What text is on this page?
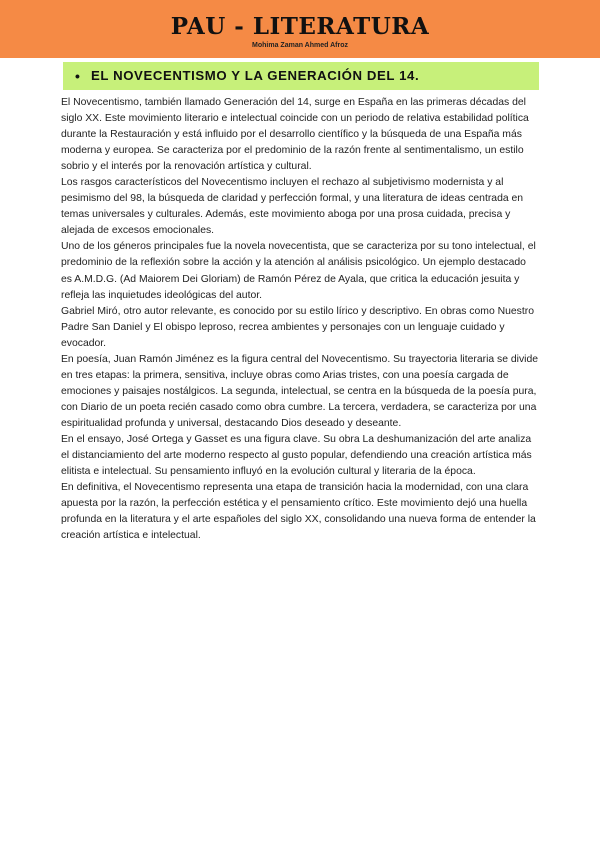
PAU - LITERATURA
Mohima Zaman Ahmed Afroz
• EL NOVECENTISMO Y LA GENERACIÓN DEL 14.

El Novecentismo, también llamado Generación del 14, surge en España en las primeras décadas del siglo XX. Este movimiento literario e intelectual coincide con un periodo de relativa estabilidad política durante la Restauración y está influido por el desarrollo científico y la búsqueda de una España más moderna y europea. Se caracteriza por el predominio de la razón frente al sentimentalismo, un estilo sobrio y el interés por la renovación artística y cultural.

Los rasgos característicos del Novecentismo incluyen el rechazo al subjetivismo modernista y al pesimismo del 98, la búsqueda de claridad y perfección formal, y una literatura de ideas centrada en temas universales y culturales. Además, este movimiento aboga por una prosa cuidada, precisa y alejada de excesos emocionales.

Uno de los géneros principales fue la novela novecentista, que se caracteriza por su tono intelectual, el predominio de la reflexión sobre la acción y la atención al análisis psicológico. Un ejemplo destacado es A.M.D.G. (Ad Maiorem Dei Gloriam) de Ramón Pérez de Ayala, que critica la educación jesuita y refleja las inquietudes ideológicas del autor.

Gabriel Miró, otro autor relevante, es conocido por su estilo lírico y descriptivo. En obras como Nuestro Padre San Daniel y El obispo leproso, recrea ambientes y personajes con un lenguaje cuidado y evocador.

En poesía, Juan Ramón Jiménez es la figura central del Novecentismo. Su trayectoria literaria se divide en tres etapas: la primera, sensitiva, incluye obras como Arias tristes, con una poesía cargada de emociones y paisajes nostálgicos. La segunda, intelectual, se centra en la búsqueda de la poesía pura, con Diario de un poeta recién casado como obra cumbre. La tercera, verdadera, se caracteriza por una espiritualidad profunda y universal, destacando Dios deseado y deseante.

En el ensayo, José Ortega y Gasset es una figura clave. Su obra La deshumanización del arte analiza el distanciamiento del arte moderno respecto al gusto popular, defendiendo una creación artística más elitista e intelectual. Su pensamiento influyó en la evolución cultural y literaria de la época.

En definitiva, el Novecentismo representa una etapa de transición hacia la modernidad, con una clara apuesta por la razón, la perfección estética y el pensamiento crítico. Este movimiento dejó una huella profunda en la literatura y el arte españoles del siglo XX, consolidando una nueva forma de entender la creación artística e intelectual.
